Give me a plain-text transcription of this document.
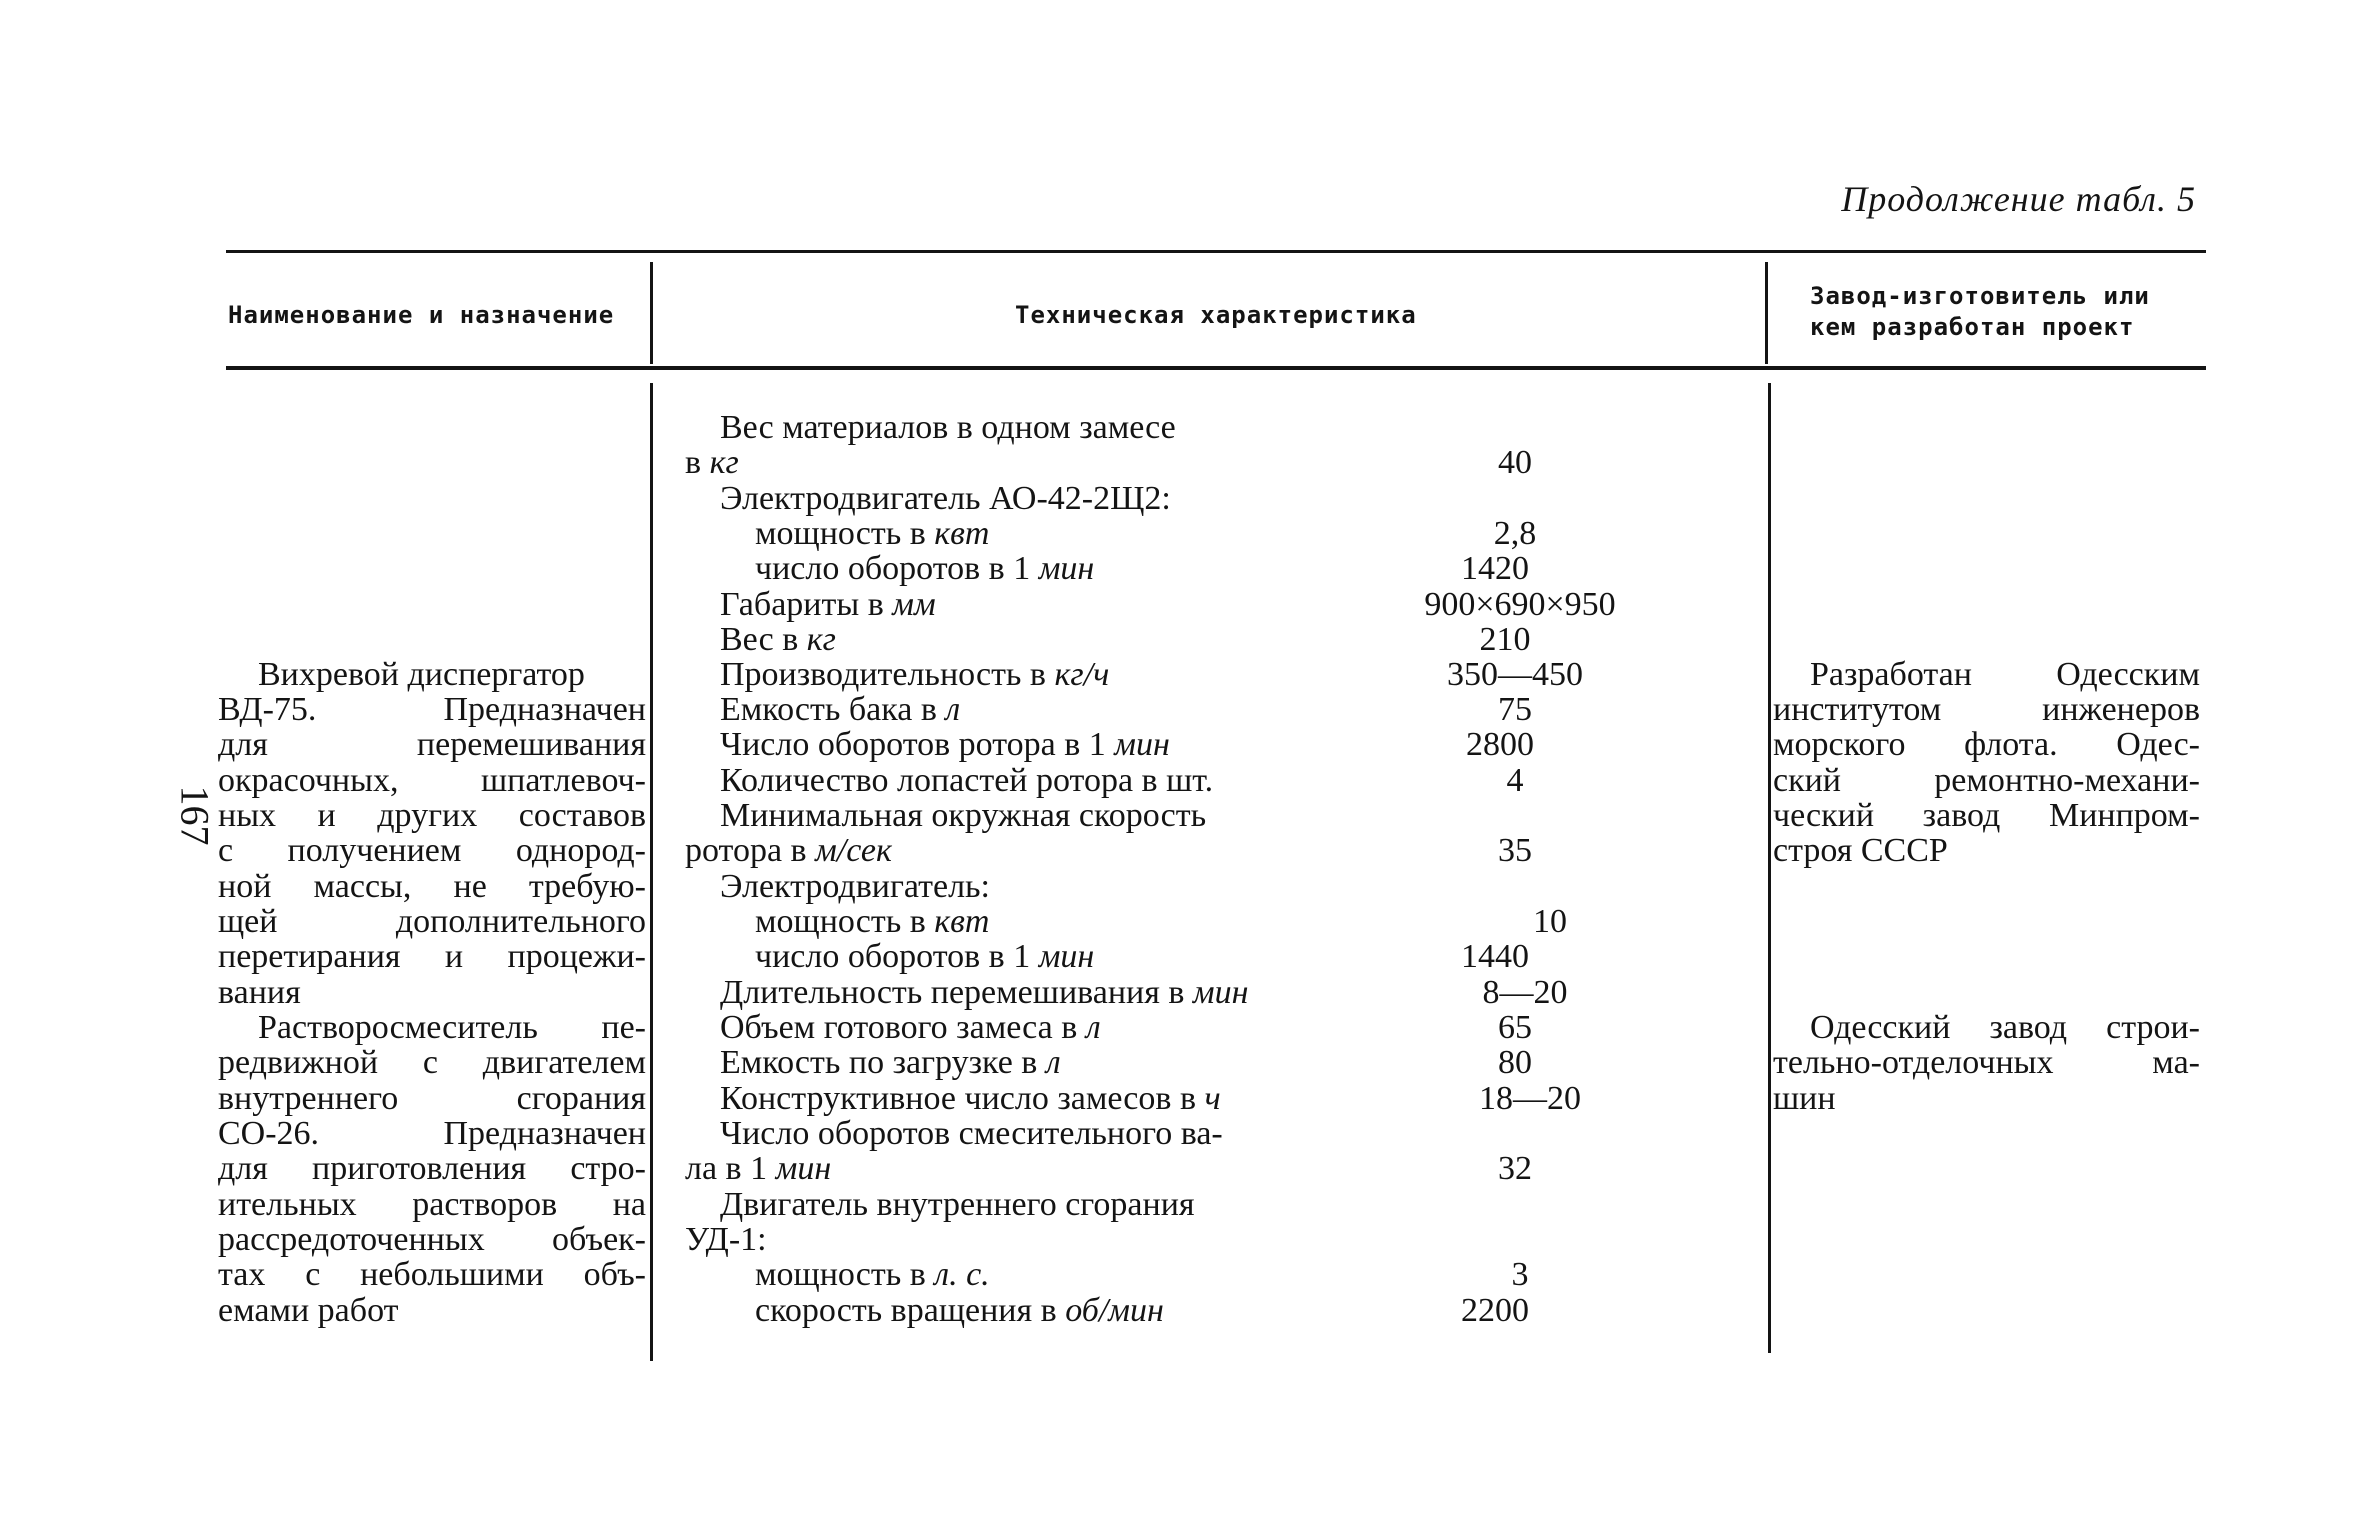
Продолжение табл. 5
Наименование и назначение	Техническая характеристика
Завод-изготовитель или
кем разработан проект
167
Вихревой диспергатор
ВД-75. Предназначен
для перемешивания
окрасочных, шпатлевоч-
ных и других составов
с получением однород-
ной массы, не требую-
щей дополнительного
перетирания и процежи-
вания
Растворосмеситель пе-
редвижной с двигателем
внутреннего сгорания
СО-26. Предназначен
для приготовления стро-
ительных растворов на
рассредоточенных объек-
тах с небольшими объ-
емами работ
Вес материалов в одном замесе
в кг
Электродвигатель АО-42-2Щ2:
мощность в квт
число оборотов в 1 мин
Габариты в мм
Вес в кг
Производительность в кг/ч
Емкость бака в л
Число оборотов ротора в 1 мин
Количество лопастей ротора в шт.
Минимальная окружная скорость
ротора в м/сек
Электродвигатель:
мощность в квт
число оборотов в 1 мин
Длительность перемешивания в мин
Объем готового замеса в л
Емкость по загрузке в л
Конструктивное число замесов в ч
Число оборотов смесительного ва-
ла в 1 мин
Двигатель внутреннего сгорания
УД-1:
мощность в л. с.
скорость вращения в об/мин
40
2,8
1420
900×690×950
210
350—450
75
2800
4
35
10
1440
8—20
65
80
18—20
32
3
2200
Разработан Одесским
институтом инженеров
морского флота. Одес-
ский ремонтно-механи-
ческий завод Минпром-
строя СССР
Одесский завод строи-
тельно-отделочных ма-
шин
